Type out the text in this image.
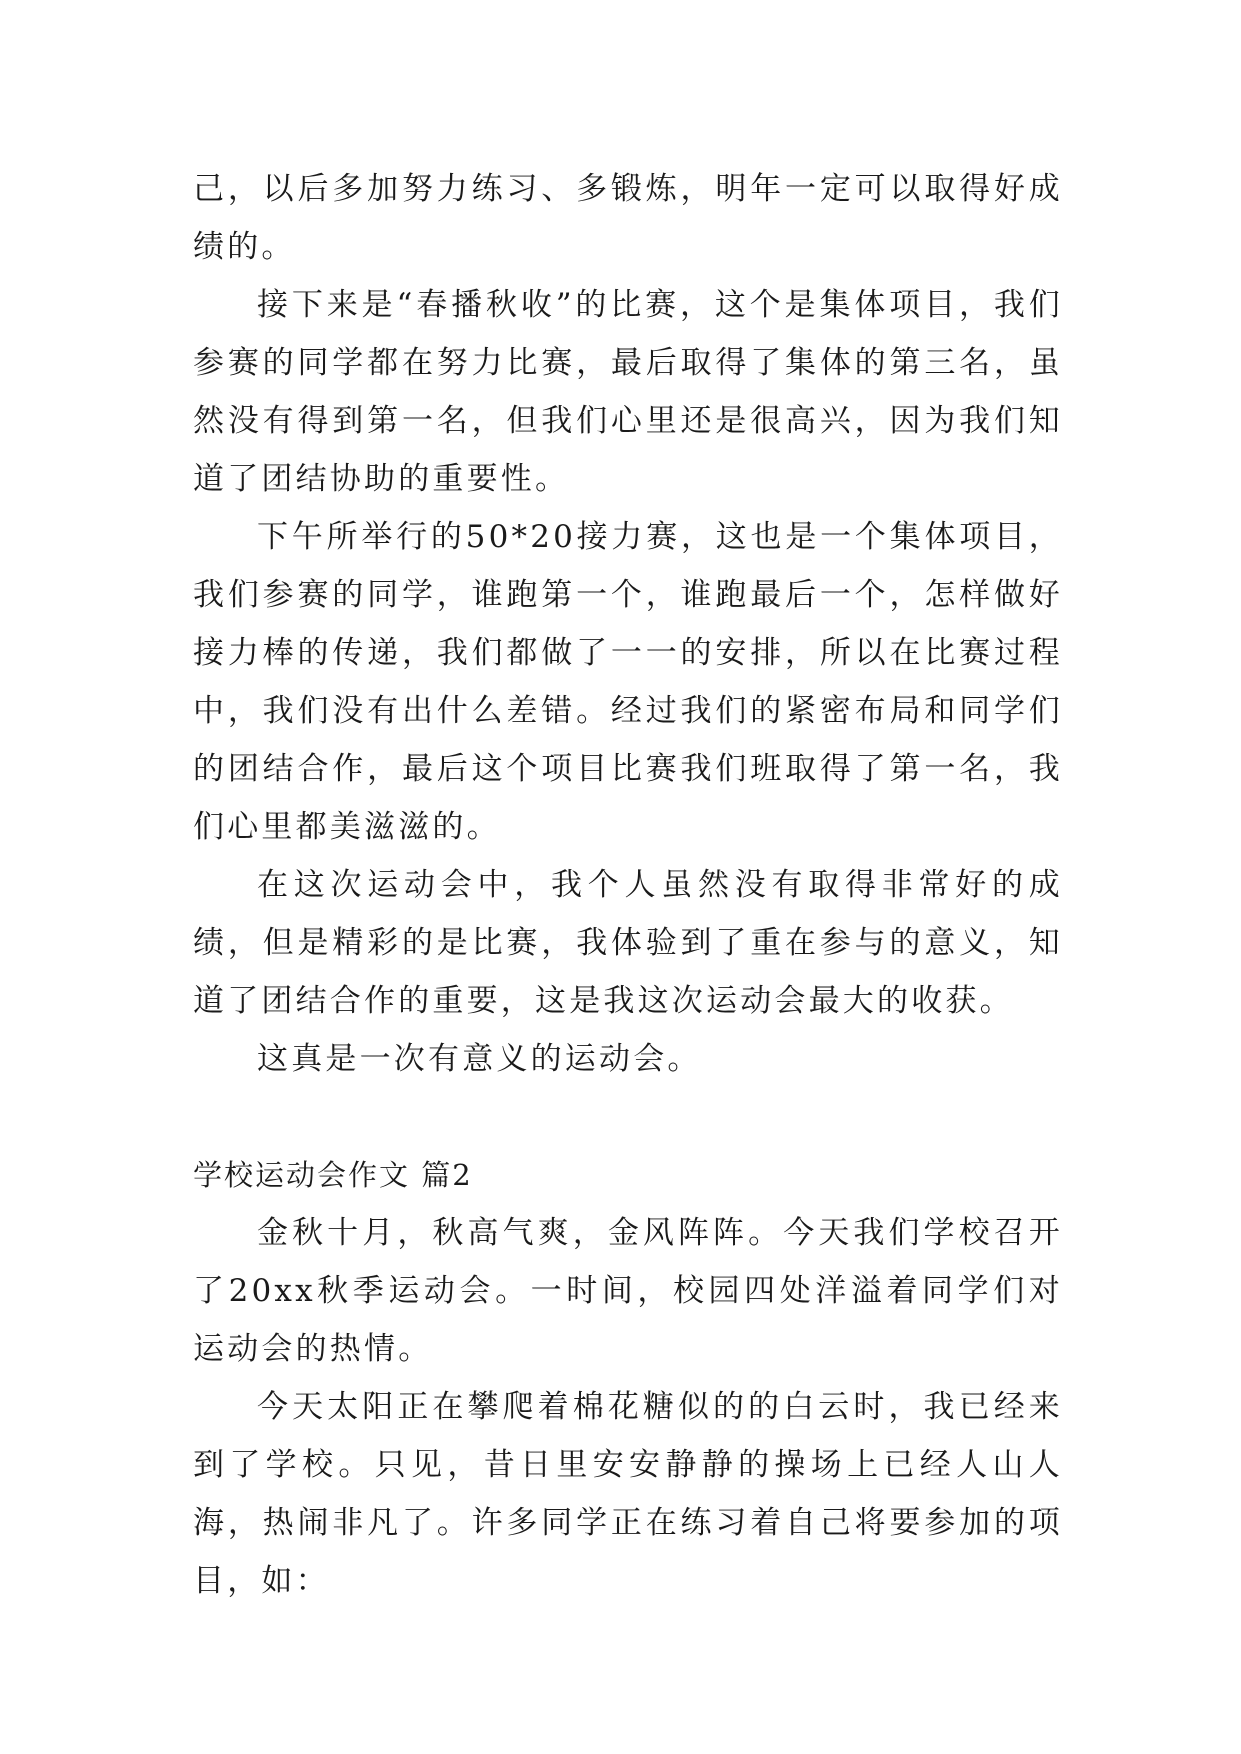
己，以后多加努力练习、多锻炼，明年一定可以取得好成绩的。

接下来是“春播秋收”的比赛，这个是集体项目，我们参赛的同学都在努力比赛，最后取得了集体的第三名，虽然没有得到第一名，但我们心里还是很高兴，因为我们知道了团结协助的重要性。

下午所举行的50*20接力赛，这也是一个集体项目，我们参赛的同学，谁跑第一个，谁跑最后一个，怎样做好接力棒的传递，我们都做了一一的安排，所以在比赛过程中，我们没有出什么差错。经过我们的紧密布局和同学们的团结合作，最后这个项目比赛我们班取得了第一名，我们心里都美滋滋的。

在这次运动会中，我个人虽然没有取得非常好的成绩，但是精彩的是比赛，我体验到了重在参与的意义，知道了团结合作的重要，这是我这次运动会最大的收获。

这真是一次有意义的运动会。

学校运动会作文 篇2

金秋十月，秋高气爽，金风阵阵。今天我们学校召开了20xx秋季运动会。一时间，校园四处洋溢着同学们对运动会的热情。

今天太阳正在攀爬着棉花糖似的的白云时，我已经来到了学校。只见，昔日里安安静静的操场上已经人山人海，热闹非凡了。许多同学正在练习着自己将要参加的项目，如：
